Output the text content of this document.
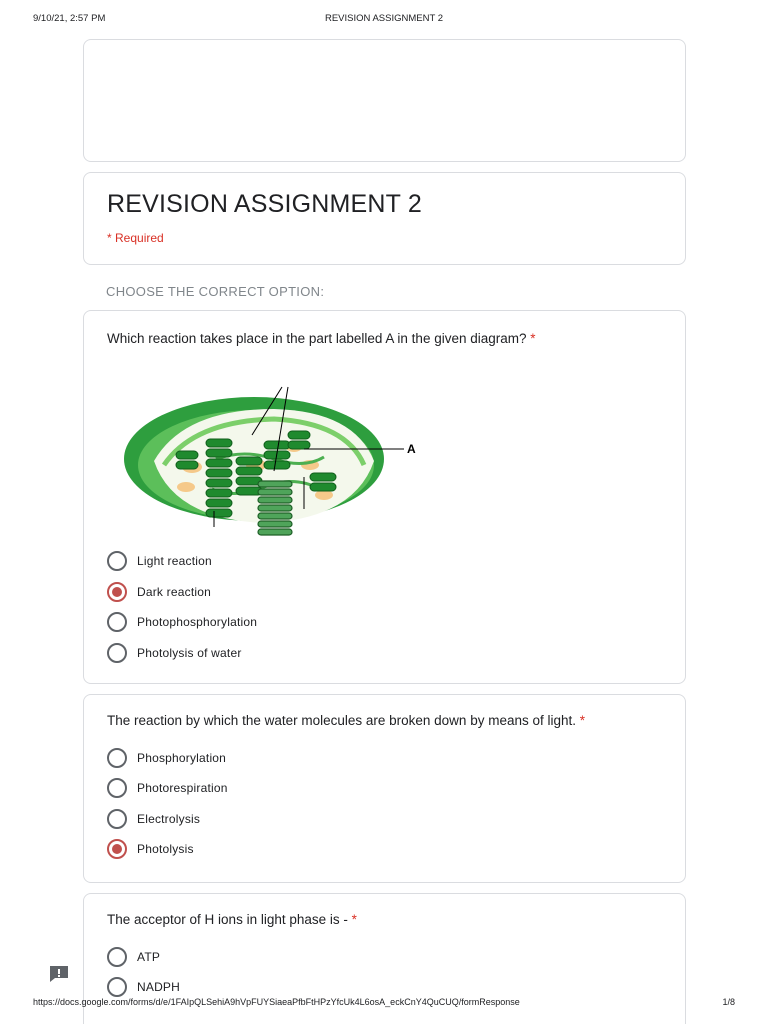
9/10/21, 2:57 PM	REVISION ASSIGNMENT 2
REVISION ASSIGNMENT 2
* Required
CHOOSE THE CORRECT OPTION:
Which reaction takes place in the part labelled A in the given diagram? *
A
Light reaction
Dark reaction
Photophosphorylation
Photolysis of water
The reaction by which the water molecules are broken down by means of light. *
Phosphorylation
Photorespiration
Electrolysis
Photolysis
The acceptor of H ions in light phase is - *
ATP
NADPH
https://docs.google.com/forms/d/e/1FAIpQLSehiA9hVpFUYSiaeaPfbFtHPzYfcUk4L6osA_eckCnY4QuCUQ/formResponse	1/8
